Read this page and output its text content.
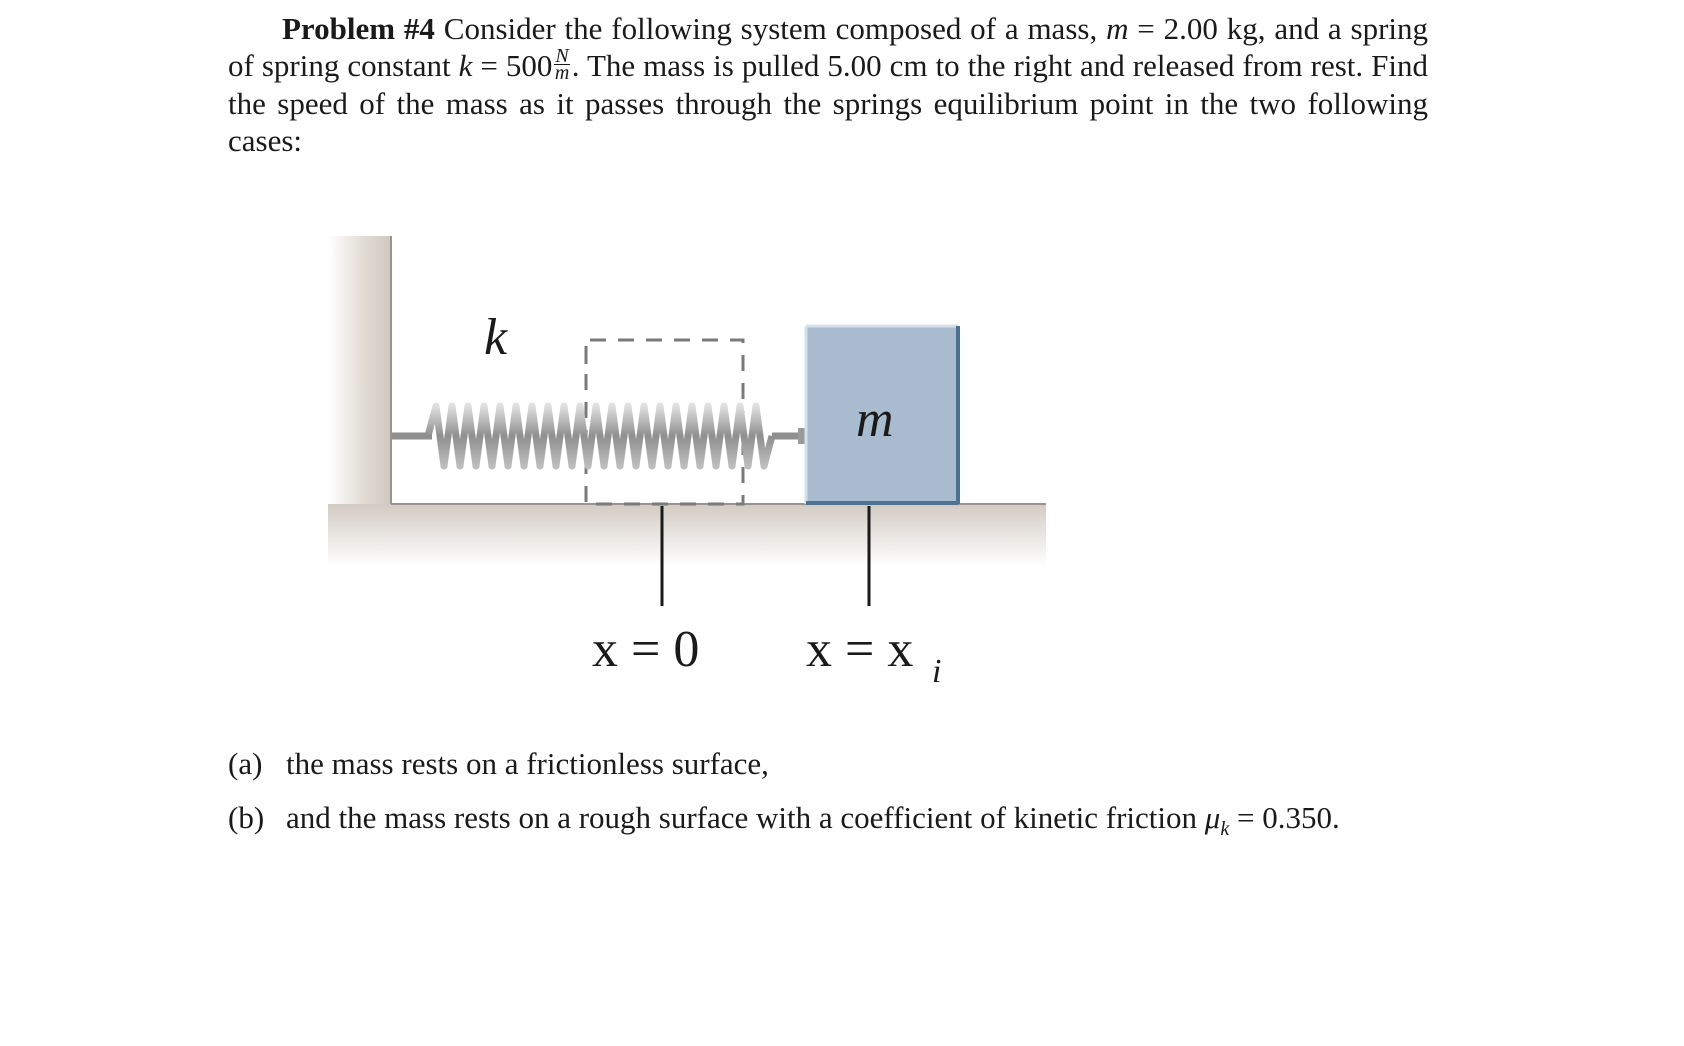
Problem #4 Consider the following system composed of a mass, m = 2.00 kg, and a spring of spring constant $k = 500 \frac{N}{m}$ . The mass is pulled 5.00 cm to the right and released from rest. Find the speed of the mass as it passes through the springs equilibrium point in the two following cases:
k
m
x = 0 x = x i
(a) the mass rests on a frictionless surface,
(b) and the mass rests on a rough surface with a coefficient of kinetic friction $\mu_k = 0.350$.
